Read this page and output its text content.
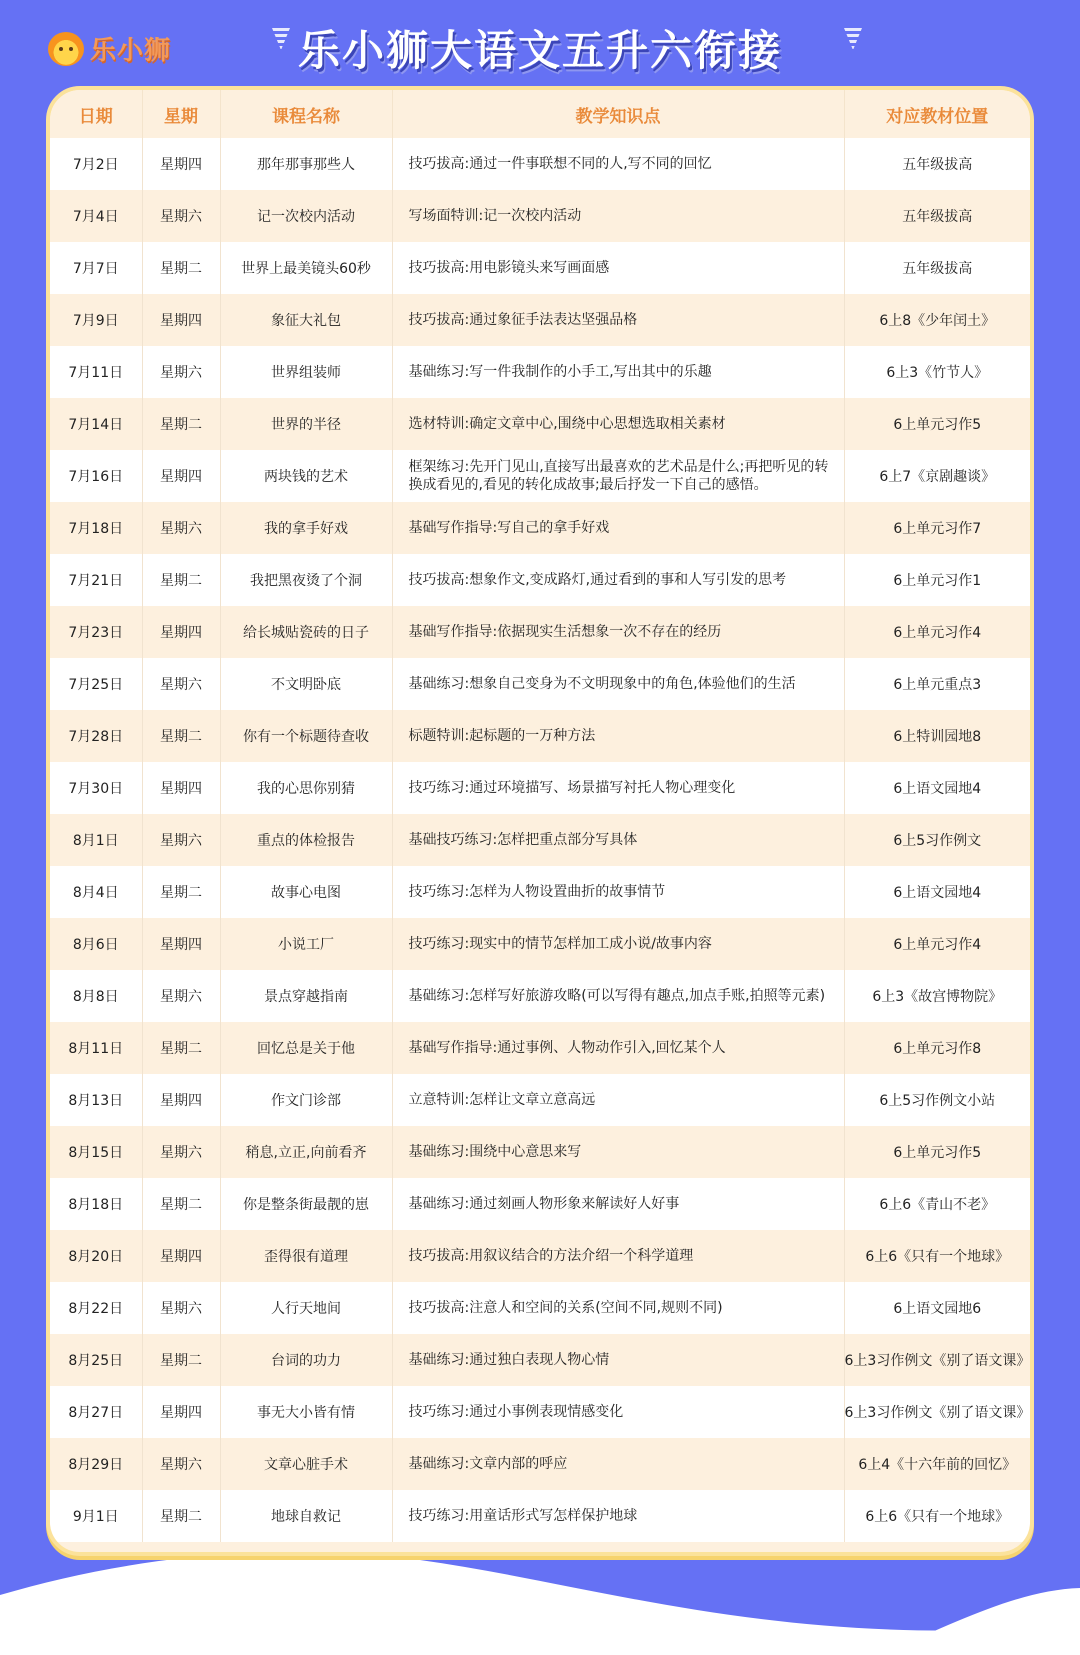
乐小狮	乐小狮大语文五升六衔接
日期	星期	课程名称	教学知识点	对应教材位置
7月2日	星期四	那年那事那些人	技巧拔高:通过一件事联想不同的人,写不同的回忆	五年级拔高
7月4日	星期六	记一次校内活动	写场面特训:记一次校内活动	五年级拔高
7月7日	星期二	世界上最美镜头60秒	技巧拔高:用电影镜头来写画面感	五年级拔高
7月9日	星期四	象征大礼包	技巧拔高:通过象征手法表达坚强品格	6上8《少年闰土》
7月11日	星期六	世界组装师	基础练习:写一件我制作的小手工,写出其中的乐趣	6上3《竹节人》
7月14日	星期二	世界的半径	选材特训:确定文章中心,围绕中心思想选取相关素材	6上单元习作5
7月16日	星期四	两块钱的艺术	框架练习:先开门见山,直接写出最喜欢的艺术品是什么;再把听见的转换成看见的,看见的转化成故事;最后抒发一下自己的感悟。	6上7《京剧趣谈》
7月18日	星期六	我的拿手好戏	基础写作指导:写自己的拿手好戏	6上单元习作7
7月21日	星期二	我把黑夜烫了个洞	技巧拔高:想象作文,变成路灯,通过看到的事和人写引发的思考	6上单元习作1
7月23日	星期四	给长城贴瓷砖的日子	基础写作指导:依据现实生活想象一次不存在的经历	6上单元习作4
7月25日	星期六	不文明卧底	基础练习:想象自己变身为不文明现象中的角色,体验他们的生活	6上单元重点3
7月28日	星期二	你有一个标题待查收	标题特训:起标题的一万种方法	6上特训园地8
7月30日	星期四	我的心思你别猜	技巧练习:通过环境描写、场景描写衬托人物心理变化	6上语文园地4
8月1日	星期六	重点的体检报告	基础技巧练习:怎样把重点部分写具体	6上5习作例文
8月4日	星期二	故事心电图	技巧练习:怎样为人物设置曲折的故事情节	6上语文园地4
8月6日	星期四	小说工厂	技巧练习:现实中的情节怎样加工成小说/故事内容	6上单元习作4
8月8日	星期六	景点穿越指南	基础练习:怎样写好旅游攻略(可以写得有趣点,加点手账,拍照等元素)	6上3《故宫博物院》
8月11日	星期二	回忆总是关于他	基础写作指导:通过事例、人物动作引入,回忆某个人	6上单元习作8
8月13日	星期四	作文门诊部	立意特训:怎样让文章立意高远	6上5习作例文小站
8月15日	星期六	稍息,立正,向前看齐	基础练习:围绕中心意思来写	6上单元习作5
8月18日	星期二	你是整条街最靓的崽	基础练习:通过刻画人物形象来解读好人好事	6上6《青山不老》
8月20日	星期四	歪得很有道理	技巧拔高:用叙议结合的方法介绍一个科学道理	6上6《只有一个地球》
8月22日	星期六	人行天地间	技巧拔高:注意人和空间的关系(空间不同,规则不同)	6上语文园地6
8月25日	星期二	台词的功力	基础练习:通过独白表现人物心情	6上3习作例文《别了语文课》
8月27日	星期四	事无大小皆有情	技巧练习:通过小事例表现情感变化	6上3习作例文《别了语文课》
8月29日	星期六	文章心脏手术	基础练习:文章内部的呼应	6上4《十六年前的回忆》
9月1日	星期二	地球自救记	技巧练习:用童话形式写怎样保护地球	6上6《只有一个地球》
